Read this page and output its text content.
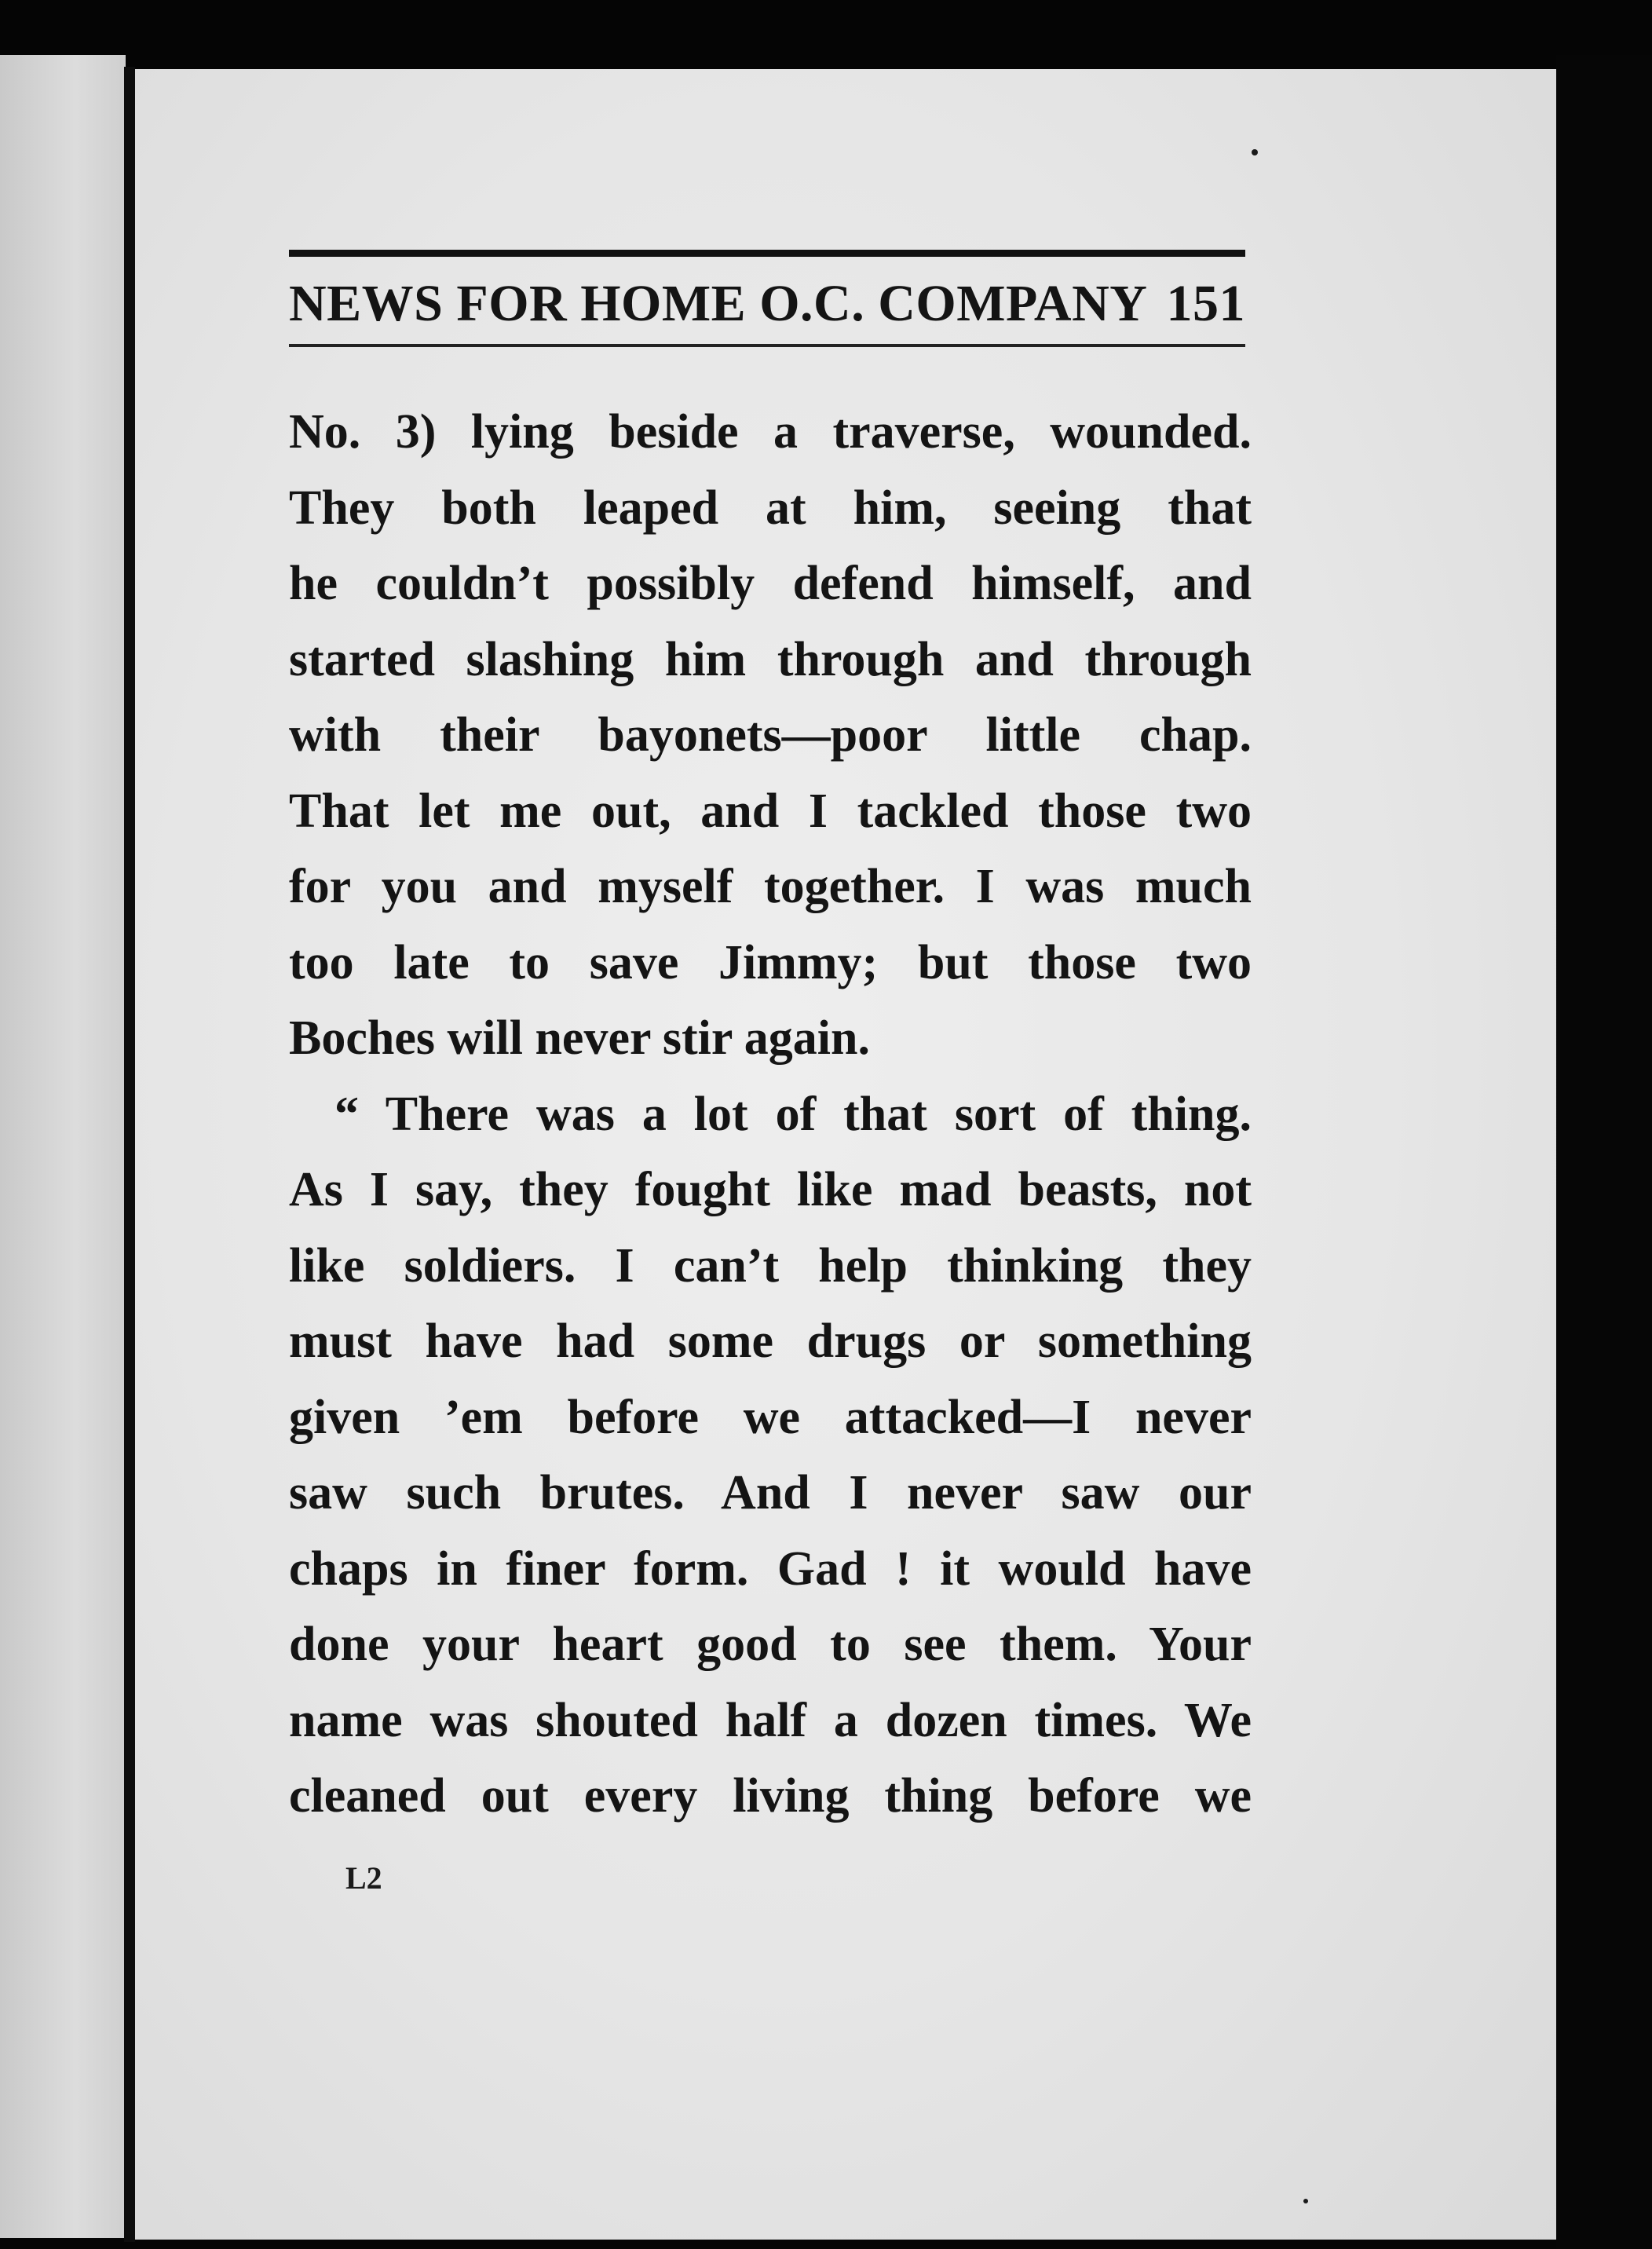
NEWS FOR HOME O.C. COMPANY 151
No. 3) lying beside a traverse, wounded.
They both leaped at him, seeing that
he couldn’t possibly defend himself, and
started slashing him through and through
with their bayonets—poor little chap.
That let me out, and I tackled those two
for you and myself together. I was much
too late to save Jimmy; but those two
Boches will never stir again.
“ There was a lot of that sort of thing.
As I say, they fought like mad beasts, not
like soldiers. I can’t help thinking they
must have had some drugs or something
given ’em before we attacked—I never
saw such brutes. And I never saw our
chaps in finer form. Gad ! it would have
done your heart good to see them. Your
name was shouted half a dozen times. We
cleaned out every living thing before we
L2
